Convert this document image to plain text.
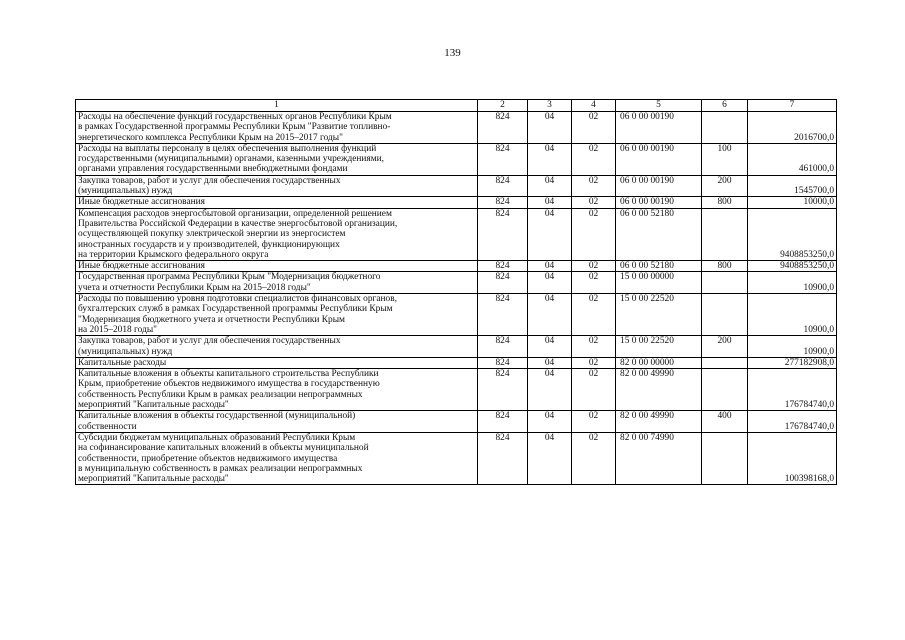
139
1	2	3	4	5	6	7

Расходы на обеспечение функций государственных органов Республики Крым
в рамках Государственной программы Республики Крым "Развитие топливно-
энергетического комплекса Республики Крым на 2015–2017 годы"	824	04	02	06 0 00 00190		2016700,0

Расходы на выплаты персоналу в целях обеспечения выполнения функций
государственными (муниципальными) органами, казенными учреждениями,
органами управления государственными внебюджетными фондами	824	04	02	06 0 00 00190	100	461000,0

Закупка товаров, работ и услуг для обеспечения государственных
(муниципальных) нужд	824	04	02	06 0 00 00190	200	1545700,0

Иные бюджетные ассигнования	824	04	02	06 0 00 00190	800	10000,0

Компенсация расходов энергосбытовой организации, определенной решением
Правительства Российской Федерации в качестве энергосбытовой организации,
осуществляющей покупку электрической энергии из энергосистем
иностранных государств и у производителей, функционирующих
на территории Крымского федерального округа	824	04	02	06 0 00 52180		9408853250,0

Иные бюджетные ассигнования	824	04	02	06 0 00 52180	800	9408853250,0

Государственная программа Республики Крым "Модернизация бюджетного
учета и отчетности Республики Крым на 2015–2018 годы"	824	04	02	15 0 00 00000		10900,0

Расходы по повышению уровня подготовки специалистов финансовых органов,
бухгалтерских служб в рамках Государственной программы Республики Крым
"Модернизация бюджетного учета и отчетности Республики Крым
на 2015–2018 годы"	824	04	02	15 0 00 22520		10900,0

Закупка товаров, работ и услуг для обеспечения государственных
(муниципальных) нужд	824	04	02	15 0 00 22520	200	10900,0

Капитальные расходы	824	04	02	82 0 00 00000		277182908,0

Капитальные вложения в объекты капитального строительства Республики
Крым, приобретение объектов недвижимого имущества в государственную
собственность Республики Крым в рамках реализации непрограммных
мероприятий "Капитальные расходы"	824	04	02	82 0 00 49990		176784740,0

Капитальные вложения в объекты государственной (муниципальной)
собственности	824	04	02	82 0 00 49990	400	176784740,0

Субсидии бюджетам муниципальных образований Республики Крым
на софинансирование капитальных вложений в объекты муниципальной
собственности, приобретение объектов недвижимого имущества
в муниципальную собственность в рамках реализации непрограммных
мероприятий "Капитальные расходы"	824	04	02	82 0 00 74990		100398168,0
